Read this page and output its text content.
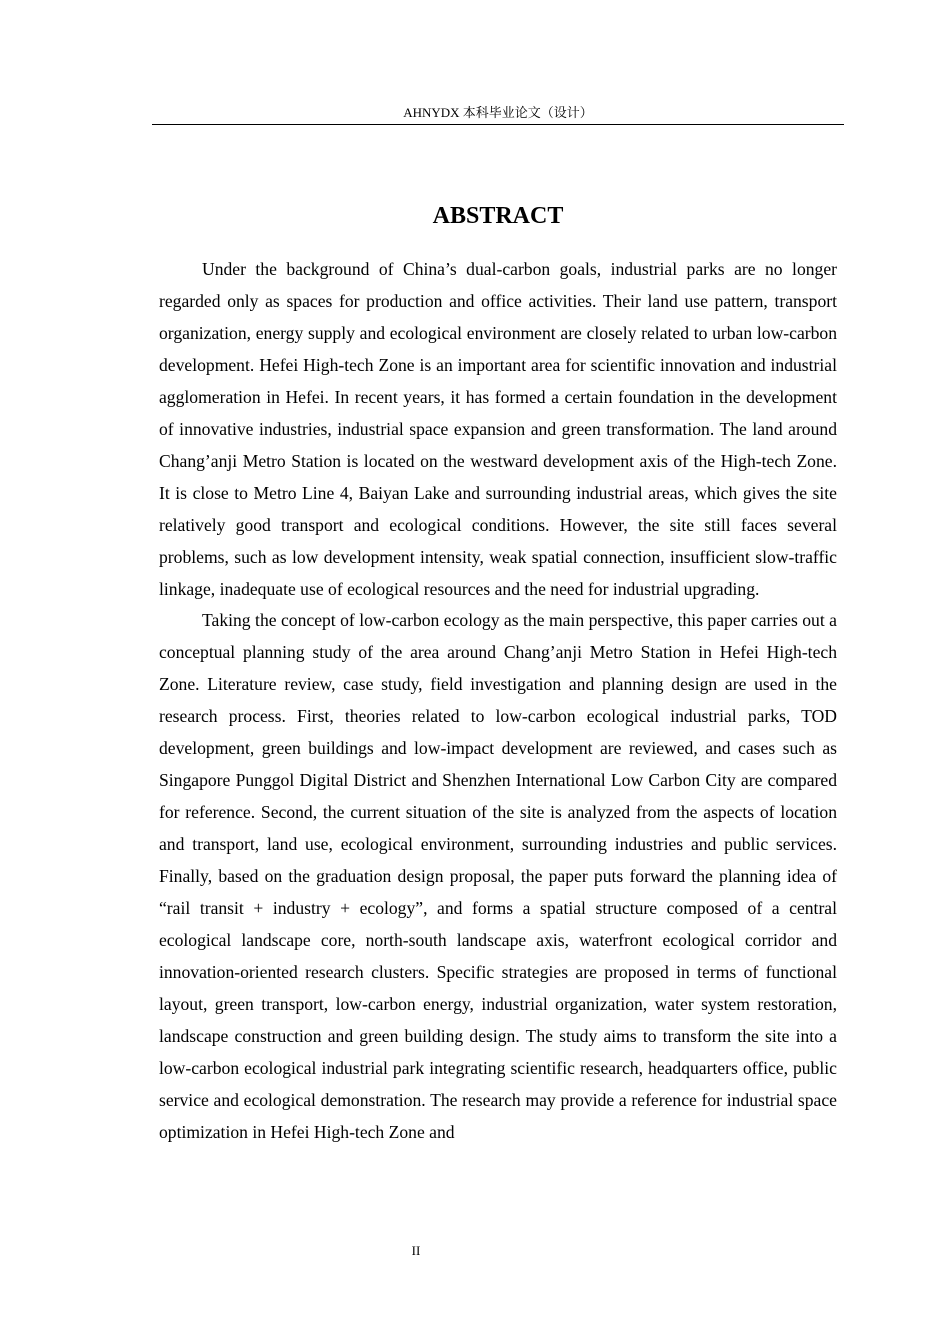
AHNYDX 本科毕业论文（设计）
ABSTRACT

Under the background of China’s dual-carbon goals, industrial parks are no longer regarded only as spaces for production and office activities. Their land use pattern, transport organization, energy supply and ecological environment are closely related to urban low-carbon development. Hefei High-tech Zone is an important area for scientific innovation and industrial agglomeration in Hefei. In recent years, it has formed a certain foundation in the development of innovative industries, industrial space expansion and green transformation. The land around Chang’anji Metro Station is located on the westward development axis of the High-tech Zone. It is close to Metro Line 4, Baiyan Lake and surrounding industrial areas, which gives the site relatively good transport and ecological conditions. However, the site still faces several problems, such as low development intensity, weak spatial connection, insufficient slow-traffic linkage, inadequate use of ecological resources and the need for industrial upgrading.

Taking the concept of low-carbon ecology as the main perspective, this paper carries out a conceptual planning study of the area around Chang’anji Metro Station in Hefei High-tech Zone. Literature review, case study, field investigation and planning design are used in the research process. First, theories related to low-carbon ecological industrial parks, TOD development, green buildings and low-impact development are reviewed, and cases such as Singapore Punggol Digital District and Shenzhen International Low Carbon City are compared for reference. Second, the current situation of the site is analyzed from the aspects of location and transport, land use, ecological environment, surrounding industries and public services. Finally, based on the graduation design proposal, the paper puts forward the planning idea of “rail transit + industry + ecology”, and forms a spatial structure composed of a central ecological landscape core, north-south landscape axis, waterfront ecological corridor and innovation-oriented research clusters. Specific strategies are proposed in terms of functional layout, green transport, low-carbon energy, industrial organization, water system restoration, landscape construction and green building design. The study aims to transform the site into a low-carbon ecological industrial park integrating scientific research, headquarters office, public service and ecological demonstration. The research may provide a reference for industrial space optimization in Hefei High-tech Zone and

II
